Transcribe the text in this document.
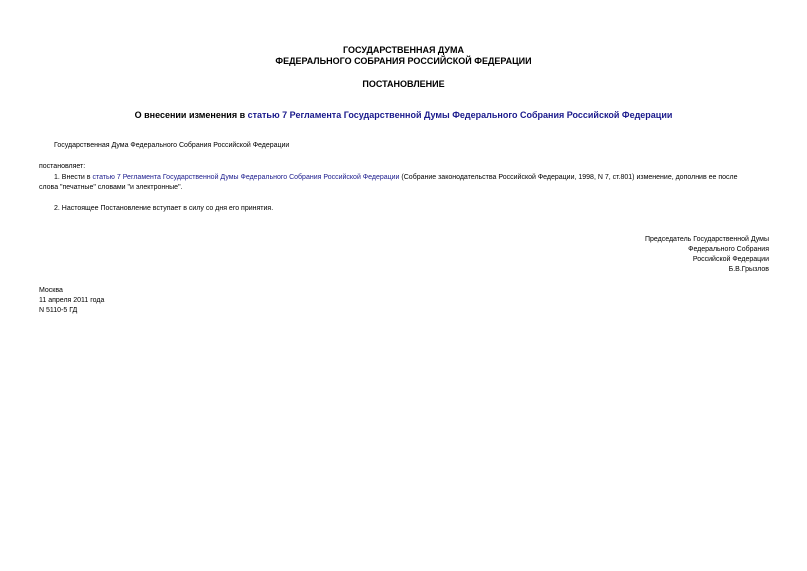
ГОСУДАРСТВЕННАЯ ДУМА
ФЕДЕРАЛЬНОГО СОБРАНИЯ РОССИЙСКОЙ ФЕДЕРАЦИИ
ПОСТАНОВЛЕНИЕ
О внесении изменения в статью 7 Регламента Государственной Думы Федерального Собрания Российской Федерации
Государственная Дума Федерального Собрания Российской Федерации
постановляет:
1. Внести в статью 7 Регламента Государственной Думы Федерального Собрания Российской Федерации (Собрание законодательства Российской Федерации, 1998, N 7, ст.801) изменение, дополнив ее после
слова "печатные" словами "и электронные".
2. Настоящее Постановление вступает в силу со дня его принятия.
Председатель Государственной Думы
Федерального Собрания
Российской Федерации
Б.В.Грызлов
Москва
11 апреля 2011 года
N 5110-5 ГД
